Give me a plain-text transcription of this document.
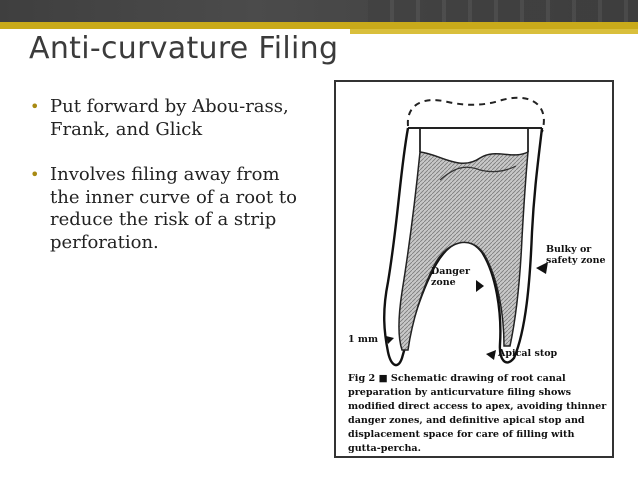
Anti-curvature Filing
• Put forward by Abou-rass, Frank, and Glick
• Involves filing away from the inner curve of a root to reduce the risk of a strip perforation.	Bulky or
safety zone
Danger
zone
1 mm
Apical stop
Fig 2 ■ Schematic drawing of root canal preparation by anticurvature filing shows modified direct access to apex, avoiding thinner danger zones, and definitive apical stop and displacement space for care of filling with gutta-percha.
